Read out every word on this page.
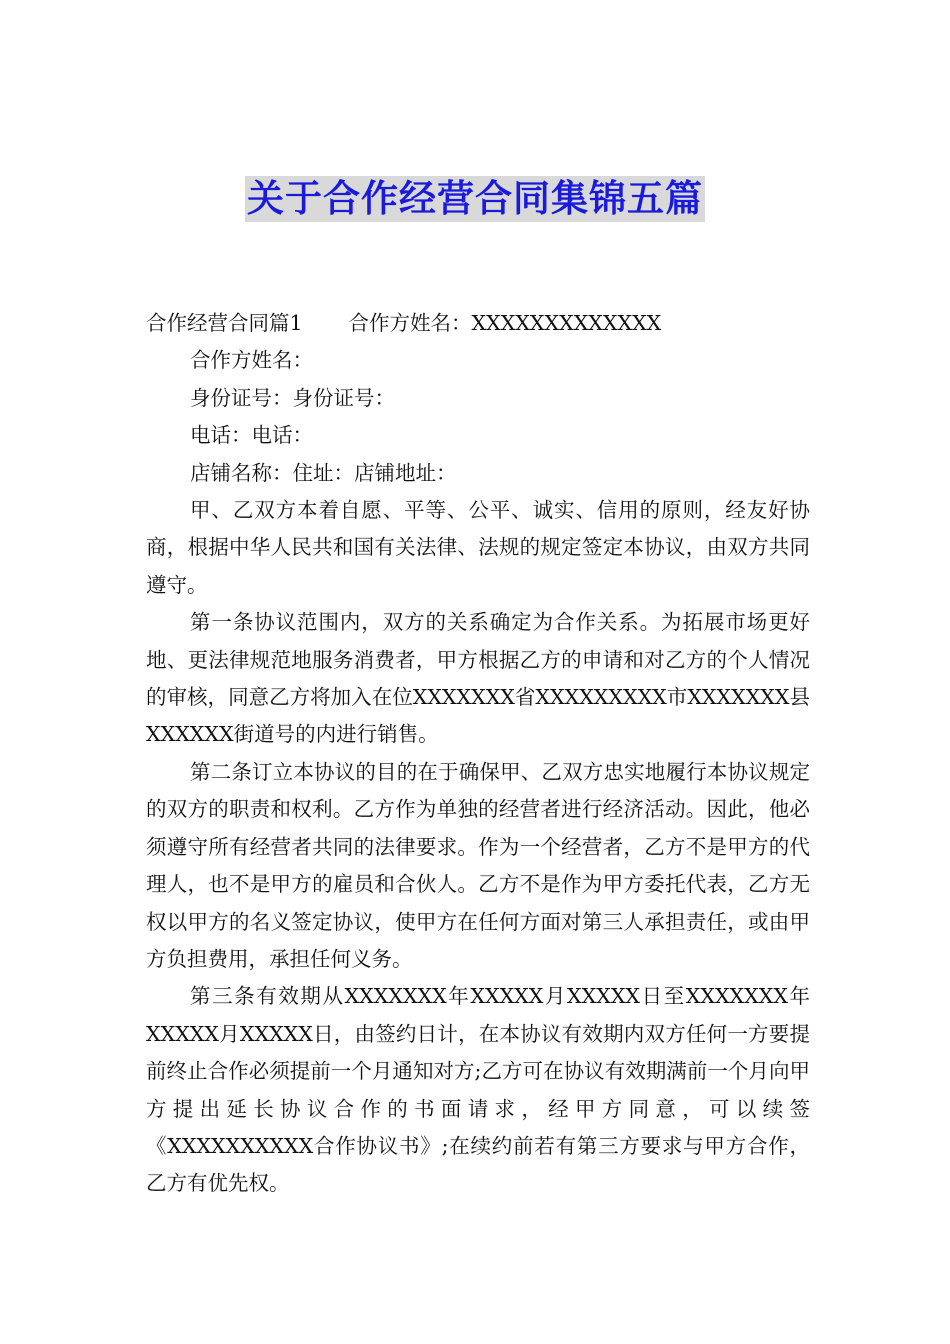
关于合作经营合同集锦五篇

合作经营合同篇1 合作方姓名：XXXXXXXXXXXXX

合作方姓名：

身份证号：身份证号：

电话：电话：

店铺名称：住址：店铺地址：

甲、乙双方本着自愿、平等、公平、诚实、信用的原则，经友好协商，根据中华人民共和国有关法律、法规的规定签定本协议，由双方共同遵守。

第一条协议范围内，双方的关系确定为合作关系。为拓展市场更好地、更法律规范地服务消费者，甲方根据乙方的申请和对乙方的个人情况的审核，同意乙方将加入在位XXXXXXX省XXXXXXXXX市XXXXXXX县XXXXXX街道号的内进行销售。

第二条订立本协议的目的在于确保甲、乙双方忠实地履行本协议规定的双方的职责和权利。乙方作为单独的经营者进行经济活动。因此，他必须遵守所有经营者共同的法律要求。作为一个经营者，乙方不是甲方的代理人，也不是甲方的雇员和合伙人。乙方不是作为甲方委托代表，乙方无权以甲方的名义签定协议，使甲方在任何方面对第三人承担责任，或由甲方负担费用，承担任何义务。

第三条有效期从XXXXXXX年XXXXX月XXXXX日至XXXXXXX年XXXXX月XXXXX日，由签约日计，在本协议有效期内双方任何一方要提前终止合作必须提前一个月通知对方;乙方可在协议有效期满前一个月向甲方提出延长协议合作的书面请求，经甲方同意，可以续签《XXXXXXXXXX合作协议书》;在续约前若有第三方要求与甲方合作，乙方有优先权。
